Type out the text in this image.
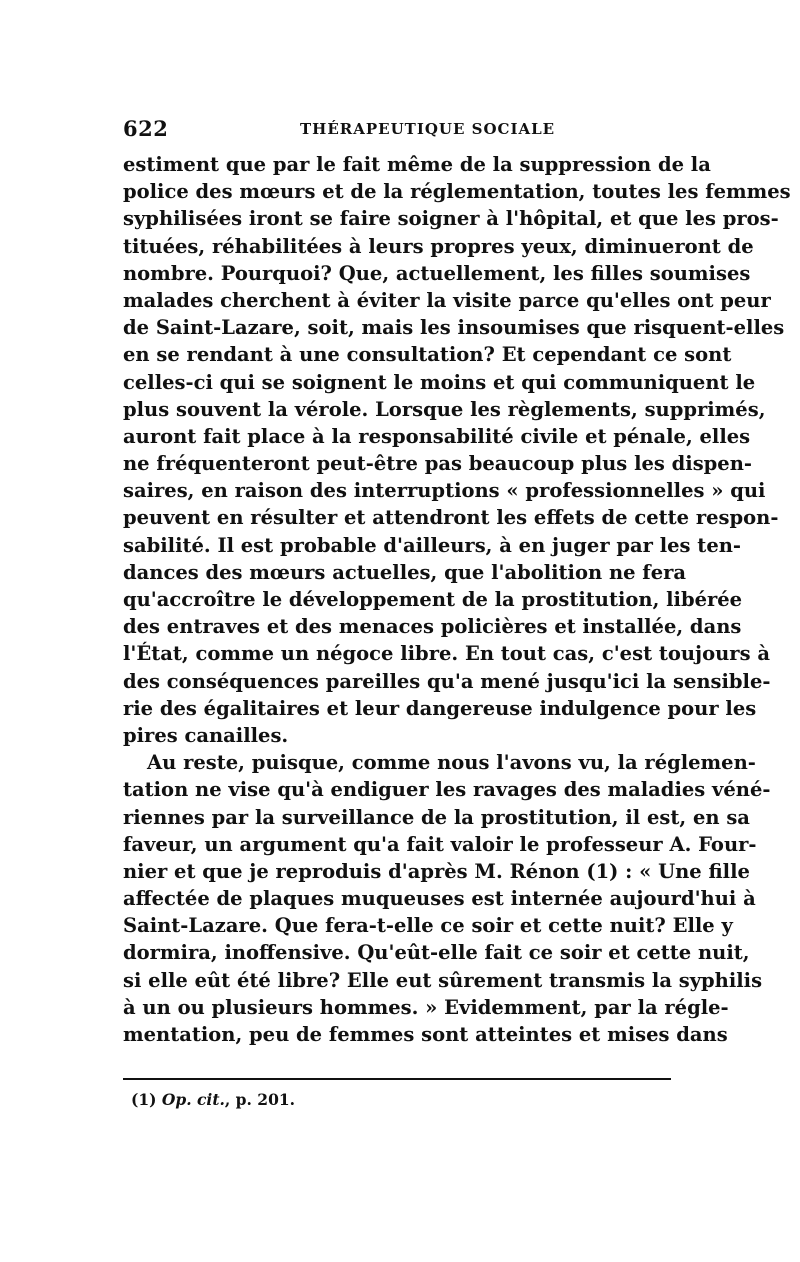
622	THÉRAPEUTIQUE SOCIALE
estiment que par le fait même de la suppression de la
police des mœurs et de la réglementation, toutes les femmes
syphilisées iront se faire soigner à l'hôpital, et que les pros-
tituées, réhabilitées à leurs propres yeux, diminueront de
nombre. Pourquoi? Que, actuellement, les filles soumises
malades cherchent à éviter la visite parce qu'elles ont peur
de Saint-Lazare, soit, mais les insoumises que risquent-elles
en se rendant à une consultation? Et cependant ce sont
celles-ci qui se soignent le moins et qui communiquent le
plus souvent la vérole. Lorsque les règlements, supprimés,
auront fait place à la responsabilité civile et pénale, elles
ne fréquenteront peut-être pas beaucoup plus les dispen-
saires, en raison des interruptions « professionnelles » qui
peuvent en résulter et attendront les effets de cette respon-
sabilité. Il est probable d'ailleurs, à en juger par les ten-
dances des mœurs actuelles, que l'abolition ne fera
qu'accroître le développement de la prostitution, libérée
des entraves et des menaces policières et installée, dans
l'État, comme un négoce libre. En tout cas, c'est toujours à
des conséquences pareilles qu'a mené jusqu'ici la sensible-
rie des égalitaires et leur dangereuse indulgence pour les
pires canailles.
Au reste, puisque, comme nous l'avons vu, la réglemen-
tation ne vise qu'à endiguer les ravages des maladies véné-
riennes par la surveillance de la prostitution, il est, en sa
faveur, un argument qu'a fait valoir le professeur A. Four-
nier et que je reproduis d'après M. Rénon (1) : « Une fille
affectée de plaques muqueuses est internée aujourd'hui à
Saint-Lazare. Que fera-t-elle ce soir et cette nuit? Elle y
dormira, inoffensive. Qu'eût-elle fait ce soir et cette nuit,
si elle eût été libre? Elle eut sûrement transmis la syphilis
à un ou plusieurs hommes. » Evidemment, par la régle-
mentation, peu de femmes sont atteintes et mises dans
(1) Op. cit., p. 201.
